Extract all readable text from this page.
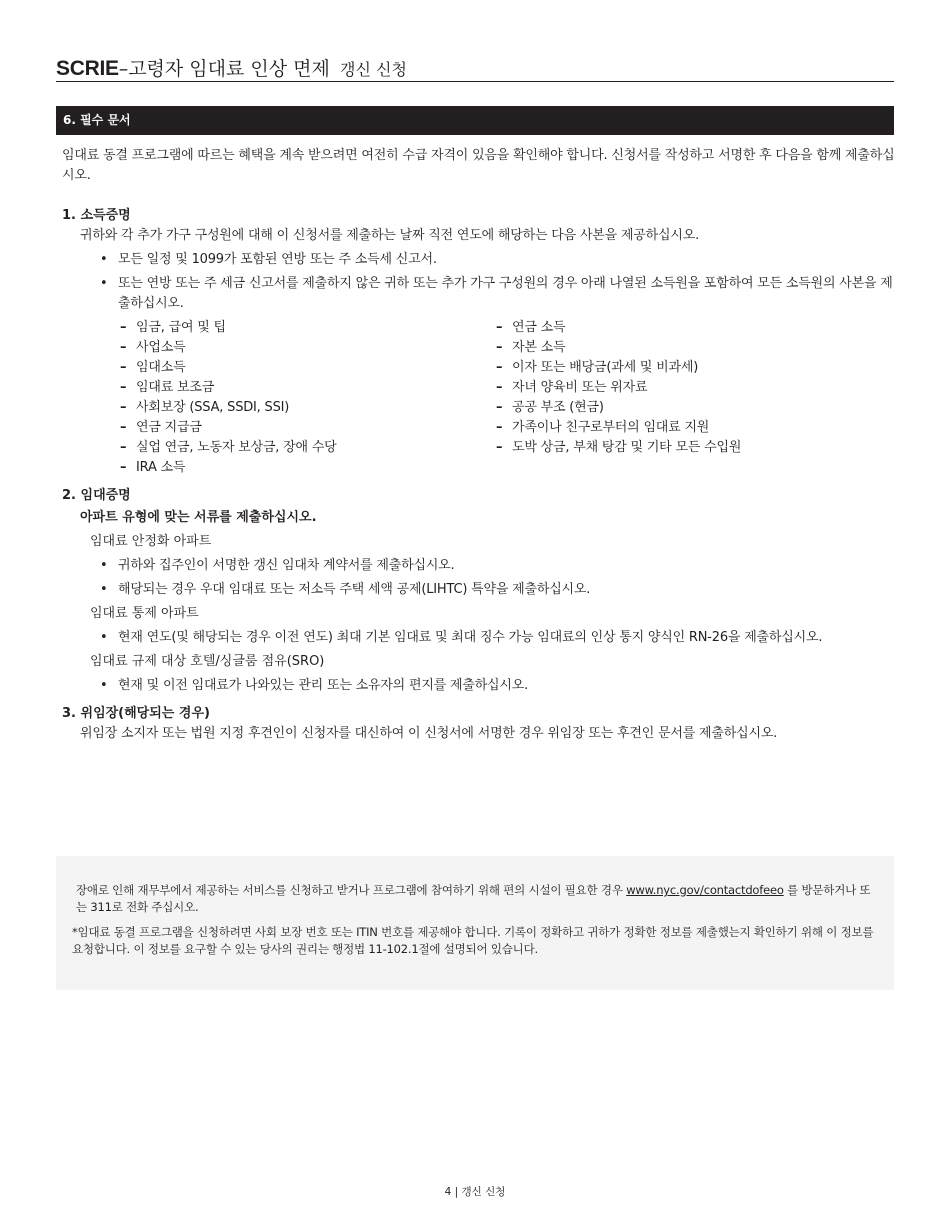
SCRIE–고령자 임대료 인상 면제 갱신 신청
6. 필수 문서

임대료 동결 프로그램에 따르는 혜택을 계속 받으려면 여전히 수급 자격이 있음을 확인해야 합니다. 신청서를 작성하고 서명한 후 다음을 함께 제출하십시오.

1. 소득증명
귀하와 각 추가 가구 구성원에 대해 이 신청서를 제출하는 날짜 직전 연도에 해당하는 다음 사본을 제공하십시오.
• 모든 일정 및 1099가 포함된 연방 또는 주 소득세 신고서.
• 또는 연방 또는 주 세금 신고서를 제출하지 않은 귀하 또는 추가 가구 구성원의 경우 아래 나열된 소득원을 포함하여 모든 소득원의 사본을 제출하십시오.
– 임금, 급여 및 팁
– 사업소득
– 임대소득
– 임대료 보조금
– 사회보장 (SSA, SSDI, SSI)
– 연금 지급금
– 실업 연금, 노동자 보상금, 장애 수당
– IRA 소득
– 연금 소득
– 자본 소득
– 이자 또는 배당금(과세 및 비과세)
– 자녀 양육비 또는 위자료
– 공공 부조 (현금)
– 가족이나 친구로부터의 임대료 지원
– 도박 상금, 부채 탕감 및 기타 모든 수입원
2. 임대증명
아파트 유형에 맞는 서류를 제출하십시오.
임대료 안정화 아파트
• 귀하와 집주인이 서명한 갱신 임대차 계약서를 제출하십시오.
• 해당되는 경우 우대 임대료 또는 저소득 주택 세액 공제(LIHTC) 특약을 제출하십시오.
임대료 통제 아파트
• 현재 연도(및 해당되는 경우 이전 연도) 최대 기본 임대료 및 최대 징수 가능 임대료의 인상 통지 양식인 RN-26을 제출하십시오.
임대료 규제 대상 호텔/싱글룸 점유(SRO)
• 현재 및 이전 임대료가 나와있는 관리 또는 소유자의 편지를 제출하십시오.
3. 위임장(해당되는 경우)
위임장 소지자 또는 법원 지정 후견인이 신청자를 대신하여 이 신청서에 서명한 경우 위임장 또는 후견인 문서를 제출하십시오.

장애로 인해 재무부에서 제공하는 서비스를 신청하고 받거나 프로그램에 참여하기 위해 편의 시설이 필요한 경우 www.nyc.gov/contactdofeeo 를 방문하거나 또는 311로 전화 주십시오.

*임대료 동결 프로그램을 신청하려면 사회 보장 번호 또는 ITIN 번호를 제공해야 합니다. 기록이 정확하고 귀하가 정확한 정보를 제출했는지 확인하기 위해 이 정보를 요청합니다. 이 정보를 요구할 수 있는 당사의 권리는 행정법 11-102.1절에 설명되어 있습니다.

4 | 갱신 신청
